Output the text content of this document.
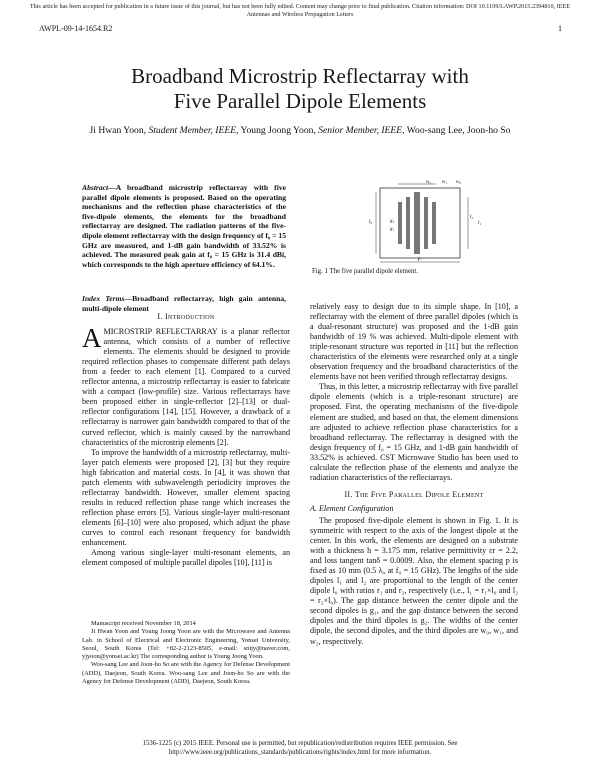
This article has been accepted for publication in a future issue of this journal, but has not been fully edited. Content may change prior to final publication. Citation information: DOI 10.1109/LAWP.2015.2394810, IEEE Antennas and Wireless Propagation Letters
AWPL-09-14-1654.R2	1
Broadband Microstrip Reflectarray with
Five Parallel Dipole Elements
Ji Hwan Yoon, Student Member, IEEE, Young Joong Yoon, Senior Member, IEEE, Woo-sang Lee, Joon-ho So
Abstract—A broadband microstrip reflectarray with five parallel dipole elements is proposed. Based on the operating mechanisms and the reflection phase characteristics of the five-dipole elements, the elements for the broadband reflectarray are designed. The radiation patterns of the five-dipole element reflectarray with the design frequency of f₀ = 15 GHz are measured, and 1-dB gain bandwidth of 33.52% is achieved. The measured peak gain at f₀ = 15 GHz is 31.4 dBi, which corresponds to the high aperture efficiency of 64.1%.
Index Terms—Broadband reflectarray, high gain antenna, multi-dipole element
I. Introduction

AMICROSTRIP REFLECTARRAY is a planar reflector antenna, which consists of a number of reflective elements. The elements should be designed to provide required reflection phases to compensate different path delays from a feeder to each element [1]. Compared to a curved reflector antenna, a microstrip reflectarray is easier to fabricate with a compact (low-profile) size. Various reflectarrays have been proposed either in single-reflector [2]–[13] or dual-reflector configurations [14], [15]. However, a drawback of a reflectarray is narrower gain bandwidth compared to that of the curved reflector, which is mainly caused by the narrowband characteristics of the microstrip elements [2].

To improve the bandwidth of a microstrip reflectarray, multi-layer patch elements were proposed [2], [3] but they require high fabrication and material costs. In [4], it was shown that patch elements with subwavelength periodicity improves the reflectarray bandwidth. However, smaller element spacing results in reduced reflection phase range which increases the reflection phase errors [5]. Various single-layer multi-resonant elements [6]–[10] were also proposed, which adjust the phase curves to control each resonant frequency for bandwidth enhancement.

Among various single-layer multi-resonant elements, an element composed of multiple parallel dipoles [10], [11] is

Manuscript received November 18, 2014

Ji Hwan Yoon and Young Joong Yoon are with the Microwave and Antenna Lab. in School of Electrical and Electronic Engineering, Yonsei University, Seoul, South Korea (Tel: +82-2-2123-8505, e-mail: snijy@naver.com, yjyoon@yonsei.ac.kr) The corresponding author is Young Joong Yoon.

Woo-sang Lee and Joon-ho So are with the Agency for Defense Development (ADD), Daejeon, South Korea. Woo-sang Lee and Joon-ho So are with the Agency for Defense Development (ADD), Daejeon, South Korea.

w₂ w₁ w₀
l₀
l₂
l₁
g₂
g₁
p
Fig. 1 The five parallel dipole element.

relatively easy to design due to its simple shape. In [10], a reflectarray with the element of three parallel dipoles (which is a dual-resonant structure) was proposed and the 1-dB gain bandwidth of 19 % was achieved. Multi-dipole element with triple-resonant structure was reported in [11] but the reflection characteristics of the elements were researched only at a single observation frequency and the broadband characteristics of the elements have not been verified through reflectarray designs.

Thus, in this letter, a microstrip reflectarray with five parallel dipole elements (which is a triple-resonant structure) are proposed. First, the operating mechanisms of the five-dipole element are studied, and based on that, the element dimensions are adjusted to achieve reflection phase characteristics for a broadband reflectarray. The reflectarray is designed with the design frequency of f₀ = 15 GHz, and 1-dB gain bandwidth of 33.52% is achieved. CST Microwave Studio has been used to calculate the reflection phase of the elements and analyze the radiation characteristics of the reflectarrays.

II. The Five Parallel Dipole Element
A. Element Configuration

The proposed five-dipole element is shown in Fig. 1. It is symmetric with respect to the axis of the longest dipole at the center. In this work, the elements are designed on a substrate with a thickness h = 3.175 mm, relative permittivity εr = 2.2, and loss tangent tanδ = 0.0009. Also, the element spacing p is fixed as 10 mm (0.5 λ₀ at f₀ = 15 GHz). The lengths of the side dipoles l₁ and l₂ are proportional to the length of the center dipole l₀ with ratios r₁ and r₂, respectively (i.e., l₁ = r₁×l₀ and l₂ = r₂×l₀). The gap distance between the center dipole and the second dipoles is g₁, and the gap distance between the second dipoles and the third dipoles is g₂. The widths of the center dipole, the second dipoles, and the third dipoles are w₀, w₁, and w₂, respectively.

1536-1225 (c) 2015 IEEE. Personal use is permitted, but republication/redistribution requires IEEE permission. See
http://www.ieee.org/publications_standards/publications/rights/index.html for more information.
